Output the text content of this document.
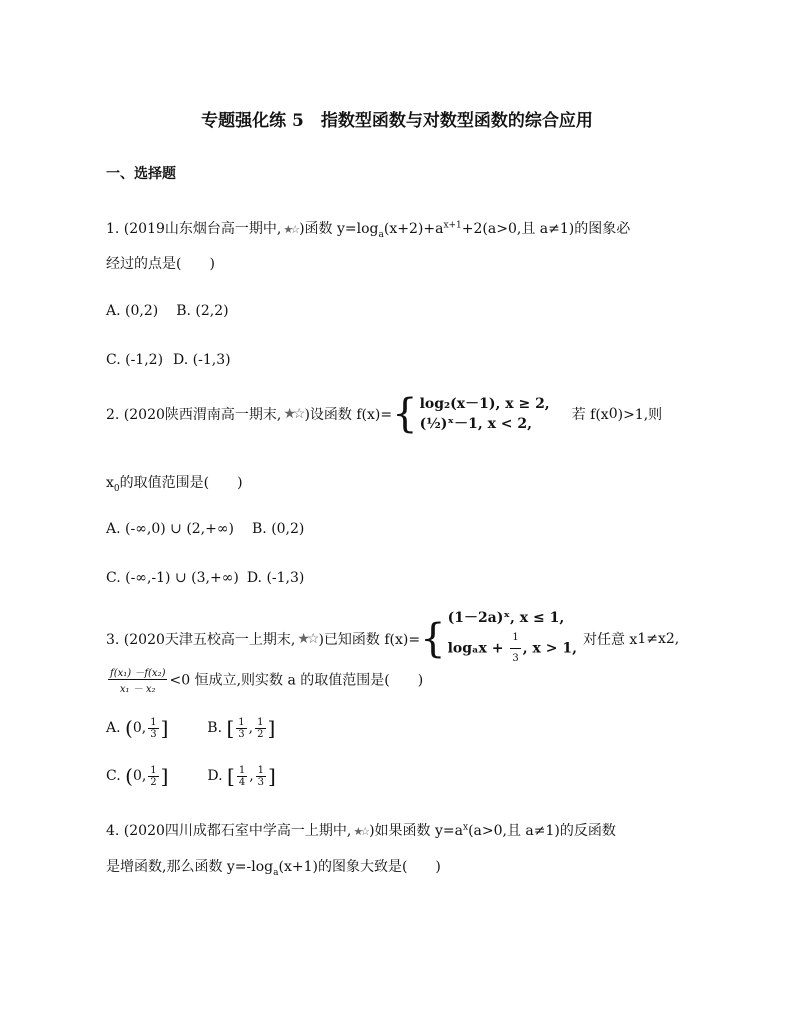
专题强化练 5　指数型函数与对数型函数的综合应用
一、选择题
1. (2019山东烟台高一期中, ★☆ )函数 $y=\log_a(x+2)+a^{x+1}+2(a>0$,且 a≠1)的图象必
经过的点是(　　)
A. (0,2) B. (2,2)
C. (-1,2) D. (-1,3)
2. (2020陕西渭南高一期末, ★☆ )设函数 f(x)={ log₂(x－1), x ≥ 2,
(½)ˣ－1, x < 2,
若 f(x0)>1,则
$x_0$的取值范围是(　　)
A. (-∞,0) ∪ (2,+∞) B. (0,2)
C. (-∞,-1) ∪ (3,+∞) D. (-1,3)
3. (2020天津五校高一上期末, ★☆ )已知函数 f(x)={ (1－2a)ˣ, x ≤ 1,
$\log_ax + \frac{1}{3}$ , x > 1,
对任意 x1≠x2,
$\frac{\text{f(x₁) －f(x₂)}}{\text{x₁ － x₂}} <0$ 恒成立,则实数 a 的取值范围是(　　)
A. (0, $\frac{1}{3}$ ]	B. [ $\frac{1}{3}$ , $\frac{1}{2}$ ]
C. (0, $\frac{1}{2}$ ]	D. [ $\frac{1}{4}$ , $\frac{1}{3}$ ]
4. (2020四川成都石室中学高一上期中, ★☆ )如果函数 $y=a^x(a>0$,且 a≠1)的反函数
是增函数,那么函数 $y=-\log_a(x+1)$的图象大致是(　　)
